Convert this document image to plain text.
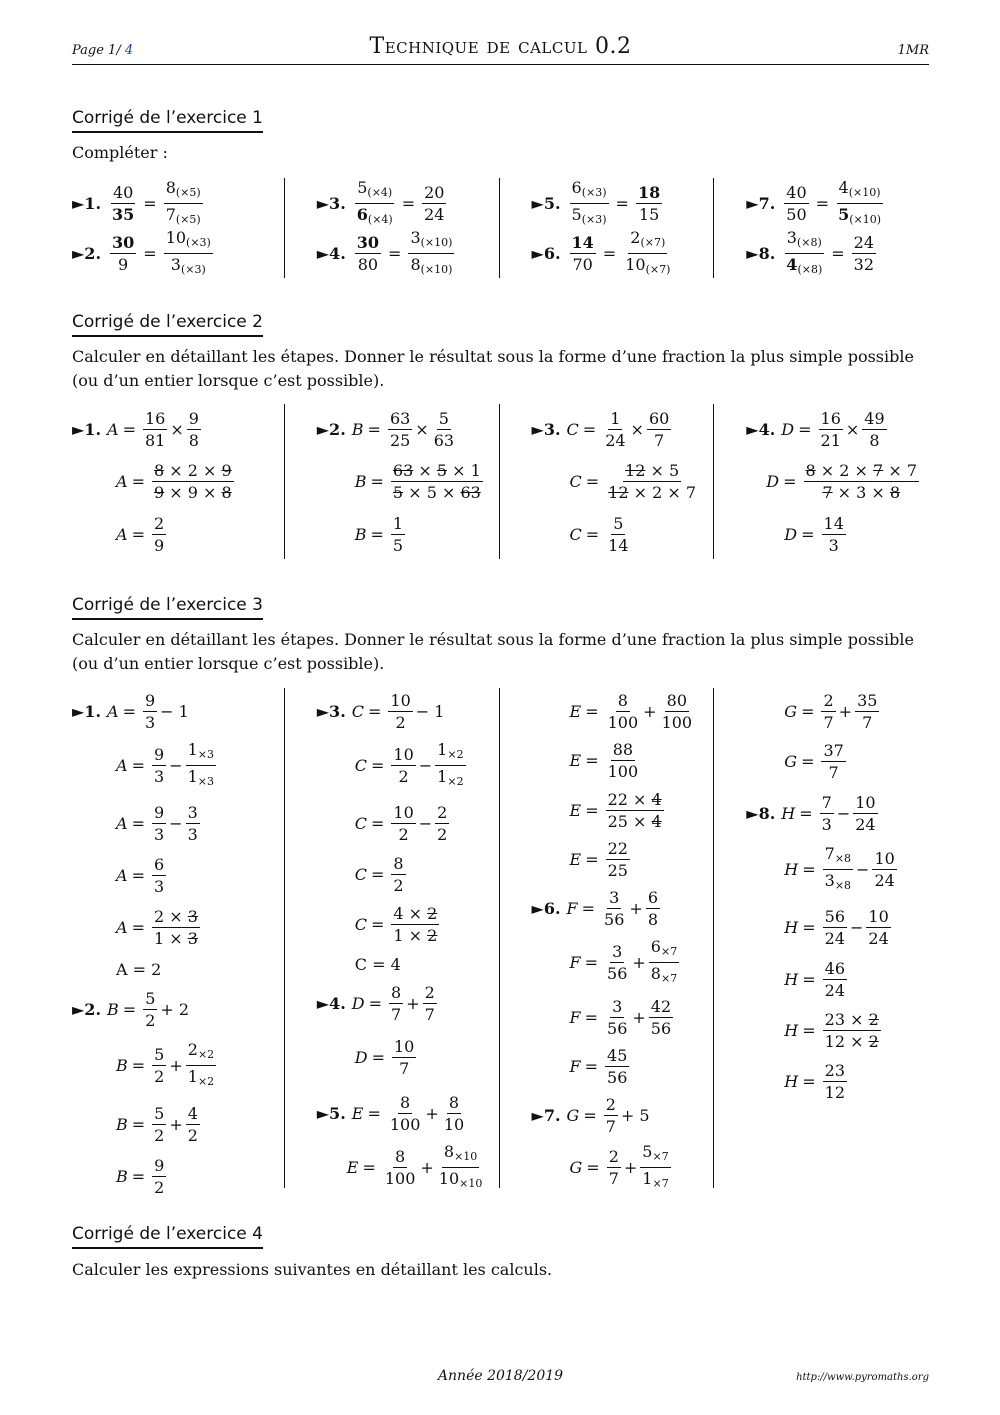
Page 1/ 4	Technique de calcul 0.2	1MR
Corrigé de l’exercice 1
Compléter :
►1. $\frac{40}{35} = \frac{8(\times 5)}{7(\times 5)}$
►2. $\frac{30}{9} = \frac{10(\times 3)}{3(\times 3)}$
►3. $\frac{5(\times 4)}{6(\times 4)} = \frac{20}{24}$
►4. $\frac{30}{80} = \frac{3(\times 10)}{8(\times 10)}$
►5. $\frac{6(\times 3)}{5(\times 3)} = \frac{18}{15}$
►6. $\frac{14}{70} = \frac{2(\times 7)}{10(\times 7)}$
►7. $\frac{40}{50} = \frac{4(\times 10)}{5(\times 10)}$
►8. $\frac{3(\times 8)}{4(\times 8)} = \frac{24}{32}$
Corrigé de l’exercice 2
Calculer en détaillant les étapes. Donner le résultat sous la forme d’une fraction la plus simple possible (ou d’un entier lorsque c’est possible).
►1. $A = \frac{16}{81} \times \frac{9}{8}$
$A = \frac{8 \times 2 \times 9}{9 \times 9 \times 8}$
$A = \frac{2}{9}$
►2. $B = \frac{63}{25} \times \frac{5}{63}$
$B = \frac{63 \times 5 \times 1}{5 \times 5 \times 63}$
$B = \frac{1}{5}$
►3. $C = \frac{1}{24} \times \frac{60}{7}$
$C = \frac{12 \times 5}{12 \times 2 \times 7}$
$C = \frac{5}{14}$
►4. $D = \frac{16}{21} \times \frac{49}{8}$
$D = \frac{8 \times 2 \times 7 \times 7}{7 \times 3 \times 8}$
$D = \frac{14}{3}$
Corrigé de l’exercice 3
Calculer en détaillant les étapes. Donner le résultat sous la forme d’une fraction la plus simple possible (ou d’un entier lorsque c’est possible).
►1. $A = \frac{9}{3} - 1$
$A = \frac{9}{3} - \frac{1\times 3}{1\times 3}$
$A = \frac{9}{3} - \frac{3}{3}$
$A = \frac{6}{3}$
$A = \frac{2 \times 3}{1 \times 3}$
A = 2
►2. $B = \frac{5}{2} + 2$
$B = \frac{5}{2} + \frac{2\times 2}{1\times 2}$
$B = \frac{5}{2} + \frac{4}{2}$
$B = \frac{9}{2}$
►3. $C = \frac{10}{2} - 1$
$C = \frac{10}{2} - \frac{1\times 2}{1\times 2}$
$C = \frac{10}{2} - \frac{2}{2}$
$C = \frac{8}{2}$
$C = \frac{4 \times 2}{1 \times 2}$
C = 4
►4. $D = \frac{8}{7} + \frac{2}{7}$
$D = \frac{10}{7}$
►5. $E = \frac{8}{100} + \frac{8}{10}$
$E = \frac{8}{100} + \frac{8\times 10}{10\times 10}$
$E = \frac{8}{100} + \frac{80}{100}$
$E = \frac{88}{100}$
$E = \frac{22 \times 4}{25 \times 4}$
$E = \frac{22}{25}$
►6. $F = \frac{3}{56} + \frac{6}{8}$
$F = \frac{3}{56} + \frac{6\times 7}{8\times 7}$
$F = \frac{3}{56} + \frac{42}{56}$
$F = \frac{45}{56}$
►7. $G = \frac{2}{7} + 5$
$G = \frac{2}{7} + \frac{5\times 7}{1\times 7}$
$G = \frac{2}{7} + \frac{35}{7}$
$G = \frac{37}{7}$
►8. $H = \frac{7}{3} - \frac{10}{24}$
$H = \frac{7\times 8}{3\times 8} - \frac{10}{24}$
$H = \frac{56}{24} - \frac{10}{24}$
$H = \frac{46}{24}$
$H = \frac{23 \times 2}{12 \times 2}$
$H = \frac{23}{12}$
Corrigé de l’exercice 4
Calculer les expressions suivantes en détaillant les calculs.
Année 2018/2019	http://www.pyromaths.org
